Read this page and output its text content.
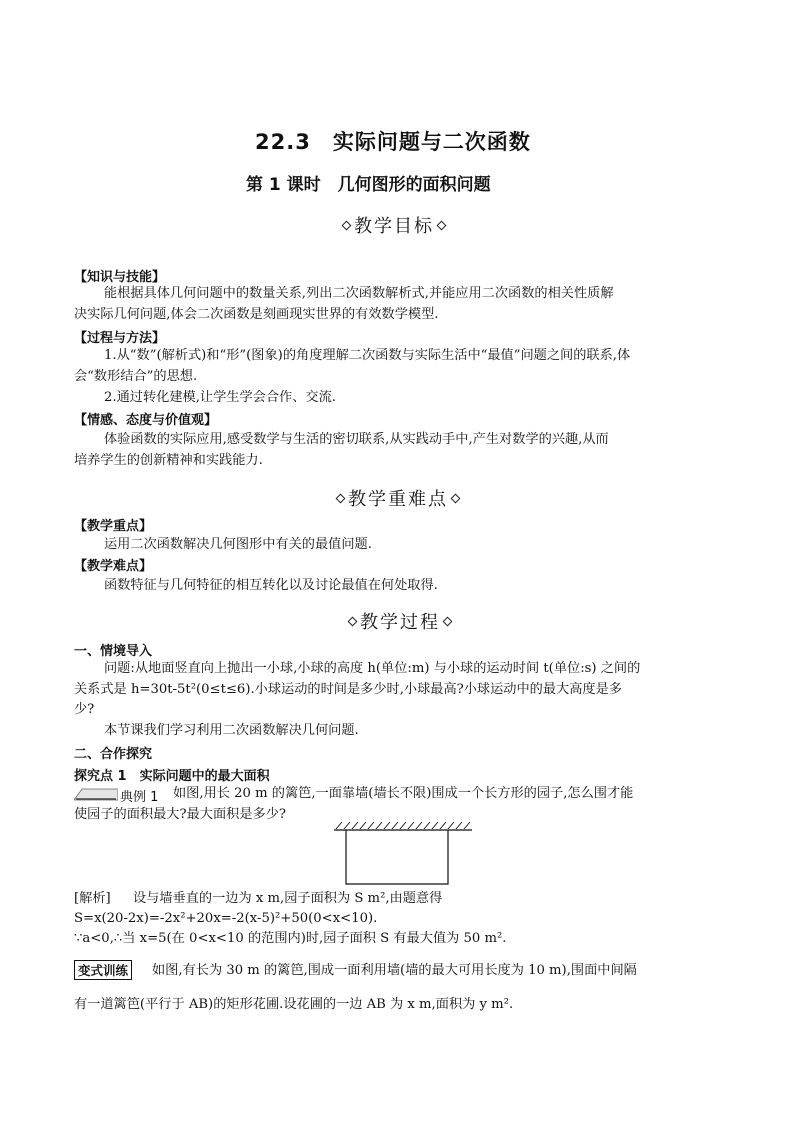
22.3　实际问题与二次函数
第 1 课时　几何图形的面积问题
教学目标
【知识与技能】
能根据具体几何问题中的数量关系,列出二次函数解析式,并能应用二次函数的相关性质解
决实际几何问题,体会二次函数是刻画现实世界的有效数学模型.
【过程与方法】
1.从“数”(解析式)和“形”(图象)的角度理解二次函数与实际生活中“最值”问题之间的联系,体
会“数形结合”的思想.
2.通过转化建模,让学生学会合作、交流.
【情感、态度与价值观】
体验函数的实际应用,感受数学与生活的密切联系,从实践动手中,产生对数学的兴趣,从而
培养学生的创新精神和实践能力.
教学重难点
【教学重点】
运用二次函数解决几何图形中有关的最值问题.
【教学难点】
函数特征与几何特征的相互转化以及讨论最值在何处取得.
教学过程
一、情境导入
问题:从地面竖直向上抛出一小球,小球的高度 h(单位:m) 与小球的运动时间 t(单位:s) 之间的
关系式是 h=30t-5t²(0≤t≤6).小球运动的时间是多少时,小球最高?小球运动中的最大高度是多
少?
本节课我们学习利用二次函数解决几何问题.
二、合作探究
探究点 1　实际问题中的最大面积
典例 1 如图,用长 20 m 的篱笆,一面靠墙(墙长不限)围成一个长方形的园子,怎么围才能
使园子的面积最大?最大面积是多少?
[解析] 设与墙垂直的一边为 x m,园子面积为 S m²,由题意得
S=x(20-2x)=-2x²+20x=-2(x-5)²+50(0<x<10).
∵a<0,∴当 x=5(在 0<x<10 的范围内)时,园子面积 S 有最大值为 50 m².
变式训练	如图,有长为 30 m 的篱笆,围成一面利用墙(墙的最大可用长度为 10 m),围面中间隔
有一道篱笆(平行于 AB)的矩形花圃.设花圃的一边 AB 为 x m,面积为 y m².
